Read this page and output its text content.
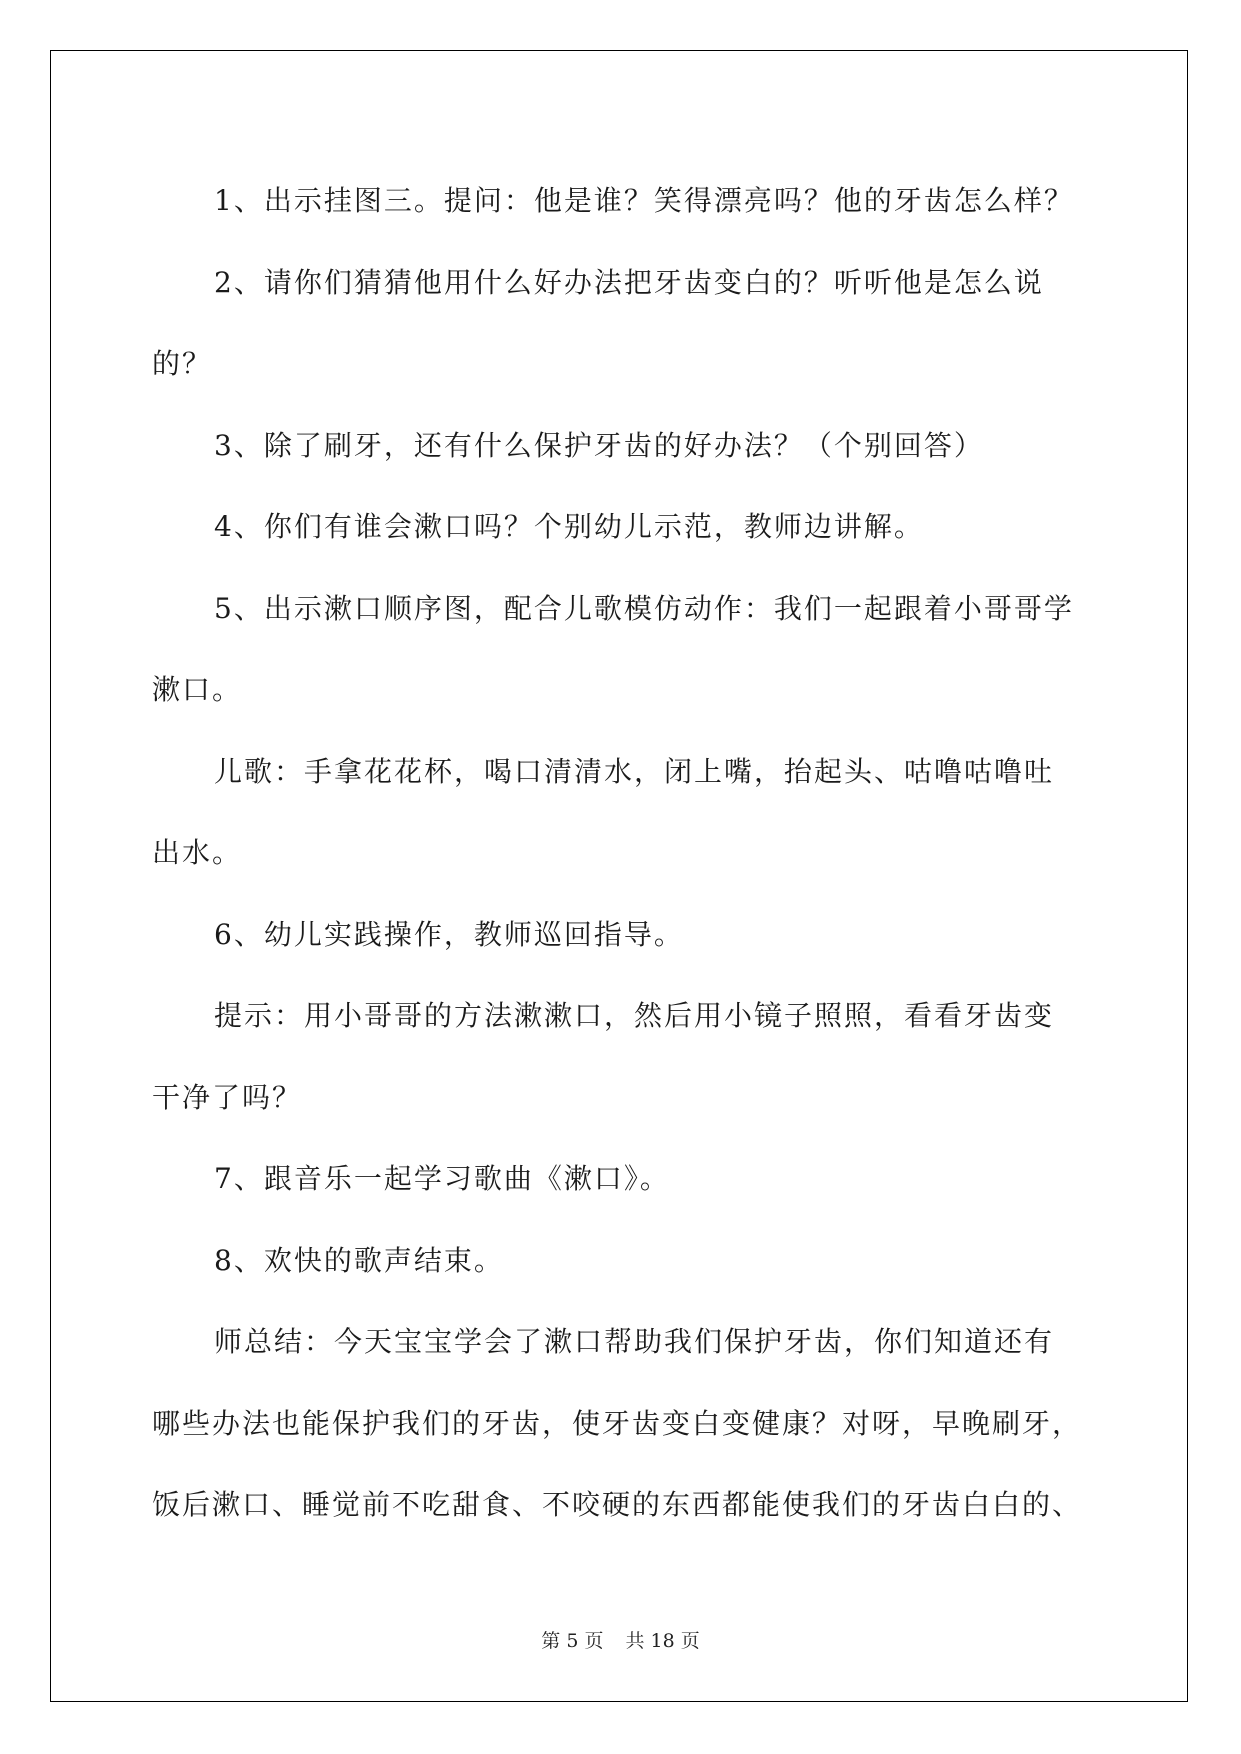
1、出示挂图三。提问：他是谁？笑得漂亮吗？他的牙齿怎么样？

2、请你们猜猜他用什么好办法把牙齿变白的？听听他是怎么说

的？

3、除了刷牙，还有什么保护牙齿的好办法？（个别回答）

4、你们有谁会漱口吗？个别幼儿示范，教师边讲解。

5、出示漱口顺序图，配合儿歌模仿动作：我们一起跟着小哥哥学

漱口。

儿歌：手拿花花杯，喝口清清水，闭上嘴，抬起头、咕噜咕噜吐

出水。

6、幼儿实践操作，教师巡回指导。

提示：用小哥哥的方法漱漱口，然后用小镜子照照，看看牙齿变

干净了吗？

7、跟音乐一起学习歌曲《漱口》。

8、欢快的歌声结束。

师总结：今天宝宝学会了漱口帮助我们保护牙齿，你们知道还有

哪些办法也能保护我们的牙齿，使牙齿变白变健康？对呀，早晚刷牙，

饭后漱口、睡觉前不吃甜食、不咬硬的东西都能使我们的牙齿白白的、

第 5 页 共 18 页
